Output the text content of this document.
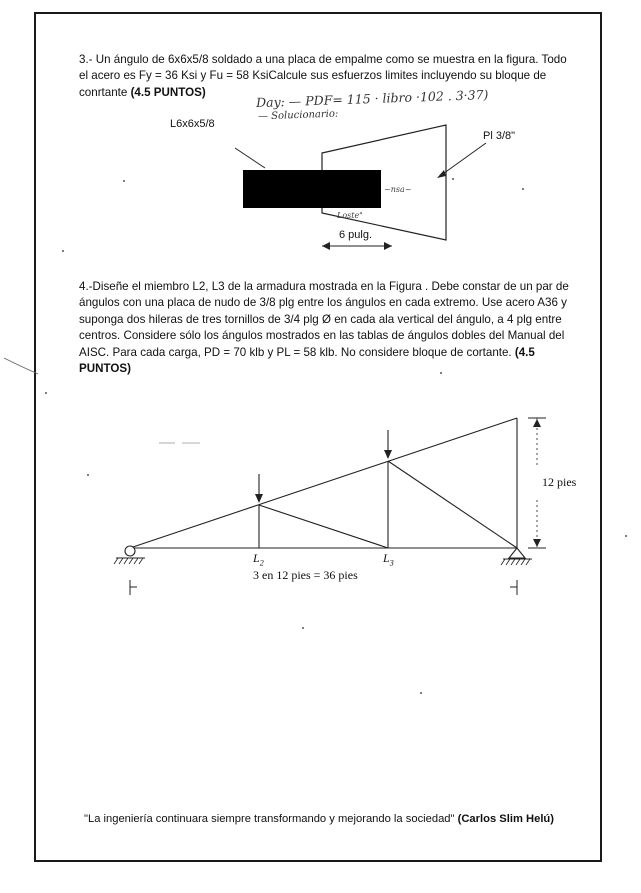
3.- Un ángulo de 6x6x5/8 soldado a una placa de empalme como se muestra en la figura. Todo el acero es Fy = 36 Ksi y Fu = 58 KsiCalcule sus esfuerzos limites incluyendo su bloque de conrtante (4.5 PUNTOS)	Day: — PDF= 115 · libro ·102 . 3·37)
— Solucionario:
L6x6x5/8
Pl 3/8"
~nsa~
Loste"
6 pulg.

4.-Diseñe el miembro L2, L3 de la armadura mostrada en la Figura . Debe constar de un par de ángulos con una placa de nudo de 3/8 plg entre los ángulos en cada extremo. Use acero A36 y suponga dos hileras de tres tornillos de 3/4 plg Ø en cada ala vertical del ángulo, a 4 plg entre centros. Considere sólo los ángulos mostrados en las tablas de ángulos dobles del Manual del AISC. Para cada carga, PD = 70 klb y PL = 58 klb. No considere bloque de cortante. (4.5 PUNTOS)

12 pies
$L_2$	$L_3$
3 en 12 pies = 36 pies

"La ingeniería continuara siempre transformando y mejorando la sociedad" (Carlos Slim Helú)
